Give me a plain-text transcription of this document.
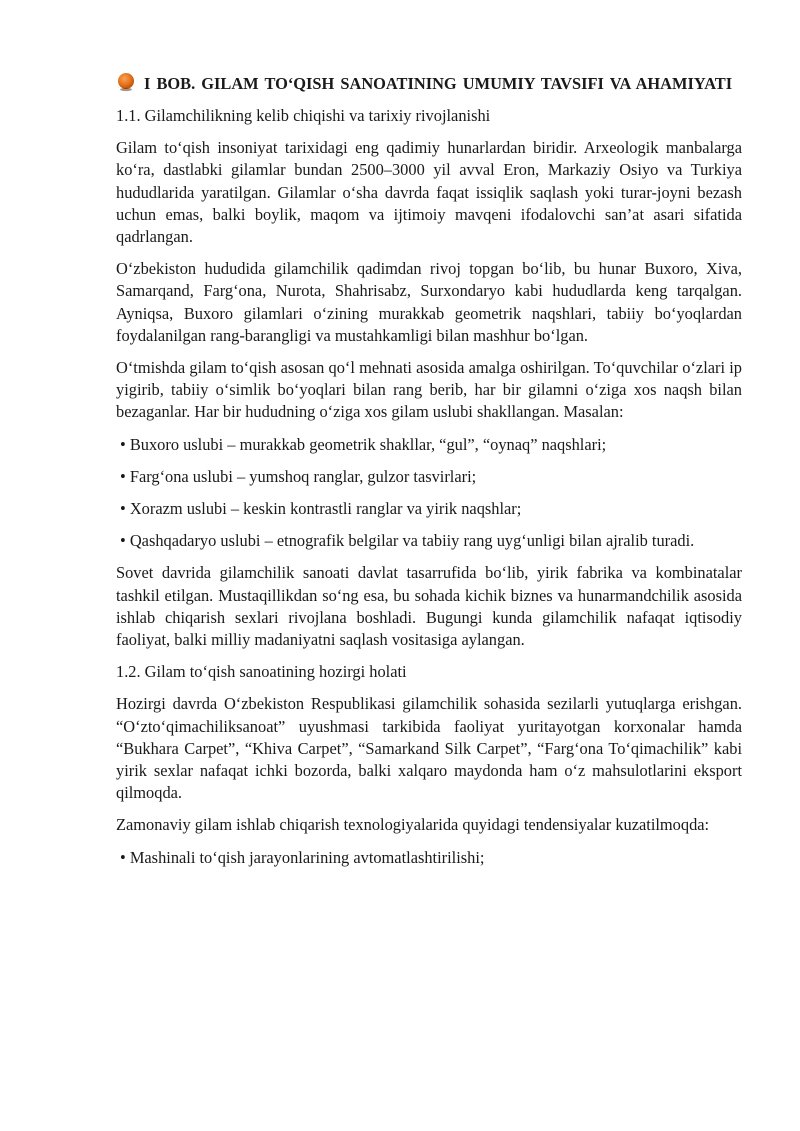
I BOB. GILAM TO‘QISH SANOATINING UMUMIY TAVSIFI VA AHAMIYATI
1.1. Gilamchilikning kelib chiqishi va tarixiy rivojlanishi

Gilam to‘qish insoniyat tarixidagi eng qadimiy hunarlardan biridir. Arxeologik manbalarga ko‘ra, dastlabki gilamlar bundan 2500–3000 yil avval Eron, Markaziy Osiyo va Turkiya hududlarida yaratilgan. Gilamlar o‘sha davrda faqat issiqlik saqlash yoki turar-joyni bezash uchun emas, balki boylik, maqom va ijtimoiy mavqeni ifodalovchi san’at asari sifatida qadrlangan.

O‘zbekiston hududida gilamchilik qadimdan rivoj topgan bo‘lib, bu hunar Buxoro, Xiva, Samarqand, Farg‘ona, Nurota, Shahrisabz, Surxondaryo kabi hududlarda keng tarqalgan. Ayniqsa, Buxoro gilamlari o‘zining murakkab geometrik naqshlari, tabiiy bo‘yoqlardan foydalanilgan rang-barangligi va mustahkamligi bilan mashhur bo‘lgan.

O‘tmishda gilam to‘qish asosan qo‘l mehnati asosida amalga oshirilgan. To‘quvchilar o‘zlari ip yigirib, tabiiy o‘simlik bo‘yoqlari bilan rang berib, har bir gilamni o‘ziga xos naqsh bilan bezaganlar. Har bir hududning o‘ziga xos gilam uslubi shakllangan. Masalan:

• Buxoro uslubi – murakkab geometrik shakllar, “gul”, “oynaq” naqshlari;

• Farg‘ona uslubi – yumshoq ranglar, gulzor tasvirlari;

• Xorazm uslubi – keskin kontrastli ranglar va yirik naqshlar;

• Qashqadaryo uslubi – etnografik belgilar va tabiiy rang uyg‘unligi bilan ajralib turadi.

Sovet davrida gilamchilik sanoati davlat tasarrufida bo‘lib, yirik fabrika va kombinatalar tashkil etilgan. Mustaqillikdan so‘ng esa, bu sohada kichik biznes va hunarmandchilik asosida ishlab chiqarish sexlari rivojlana boshladi. Bugungi kunda gilamchilik nafaqat iqtisodiy faoliyat, balki milliy madaniyatni saqlash vositasiga aylangan.

1.2. Gilam to‘qish sanoatining hozirgi holati

Hozirgi davrda O‘zbekiston Respublikasi gilamchilik sohasida sezilarli yutuqlarga erishgan. “O‘zto‘qimachiliksanoat” uyushmasi tarkibida faoliyat yuritayotgan korxonalar hamda “Bukhara Carpet”, “Khiva Carpet”, “Samarkand Silk Carpet”, “Farg‘ona To‘qimachilik” kabi yirik sexlar nafaqat ichki bozorda, balki xalqaro maydonda ham o‘z mahsulotlarini eksport qilmoqda.

Zamonaviy gilam ishlab chiqarish texnologiyalarida quyidagi tendensiyalar kuzatilmoqda:

• Mashinali to‘qish jarayonlarining avtomatlashtirilishi;
